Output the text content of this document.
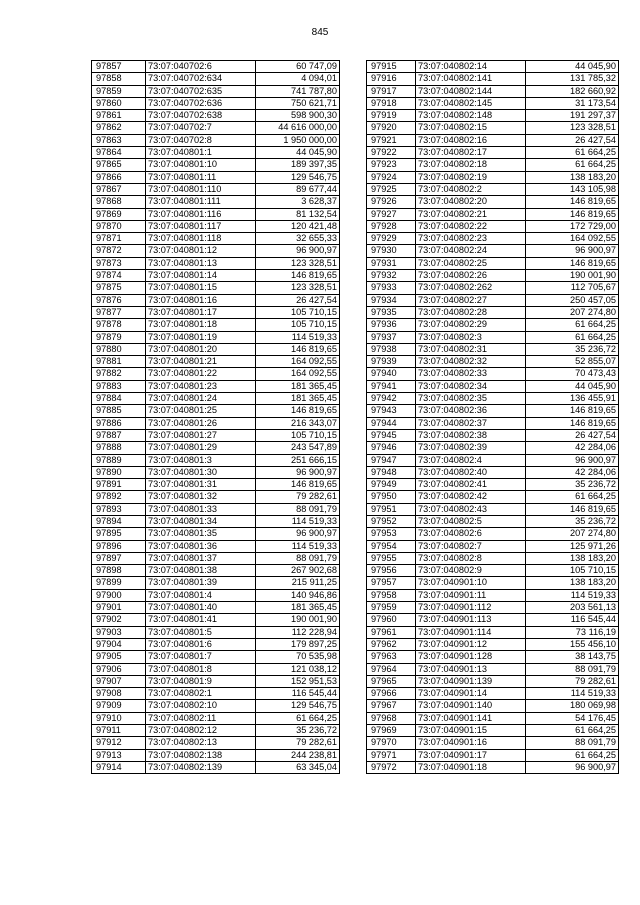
845
97857	73:07:040702:6	60 747,09
97858	73:07:040702:634	4 094,01
97859	73:07:040702:635	741 787,80
97860	73:07:040702:636	750 621,71
97861	73:07:040702:638	598 900,30
97862	73:07:040702:7	44 616 000,00
97863	73:07:040702:8	1 950 000,00
97864	73:07:040801:1	44 045,90
97865	73:07:040801:10	189 397,35
97866	73:07:040801:11	129 546,75
97867	73:07:040801:110	89 677,44
97868	73:07:040801:111	3 628,37
97869	73:07:040801:116	81 132,54
97870	73:07:040801:117	120 421,48
97871	73:07:040801:118	32 655,33
97872	73:07:040801:12	96 900,97
97873	73:07:040801:13	123 328,51
97874	73:07:040801:14	146 819,65
97875	73:07:040801:15	123 328,51
97876	73:07:040801:16	26 427,54
97877	73:07:040801:17	105 710,15
97878	73:07:040801:18	105 710,15
97879	73:07:040801:19	114 519,33
97880	73:07:040801:20	146 819,65
97881	73:07:040801:21	164 092,55
97882	73:07:040801:22	164 092,55
97883	73:07:040801:23	181 365,45
97884	73:07:040801:24	181 365,45
97885	73:07:040801:25	146 819,65
97886	73:07:040801:26	216 343,07
97887	73:07:040801:27	105 710,15
97888	73:07:040801:29	243 547,89
97889	73:07:040801:3	251 666,15
97890	73:07:040801:30	96 900,97
97891	73:07:040801:31	146 819,65
97892	73:07:040801:32	79 282,61
97893	73:07:040801:33	88 091,79
97894	73:07:040801:34	114 519,33
97895	73:07:040801:35	96 900,97
97896	73:07:040801:36	114 519,33
97897	73:07:040801:37	88 091,79
97898	73:07:040801:38	267 902,68
97899	73:07:040801:39	215 911,25
97900	73:07:040801:4	140 946,86
97901	73:07:040801:40	181 365,45
97902	73:07:040801:41	190 001,90
97903	73:07:040801:5	112 228,94
97904	73:07:040801:6	179 897,25
97905	73:07:040801:7	70 535,98
97906	73:07:040801:8	121 038,12
97907	73:07:040801:9	152 951,53
97908	73:07:040802:1	116 545,44
97909	73:07:040802:10	129 546,75
97910	73:07:040802:11	61 664,25
97911	73:07:040802:12	35 236,72
97912	73:07:040802:13	79 282,61
97913	73:07:040802:138	244 238,81
97914	73:07:040802:139	63 345,04
97915	73:07:040802:14	44 045,90
97916	73:07:040802:141	131 785,32
97917	73:07:040802:144	182 660,92
97918	73:07:040802:145	31 173,54
97919	73:07:040802:148	191 297,37
97920	73:07:040802:15	123 328,51
97921	73:07:040802:16	26 427,54
97922	73:07:040802:17	61 664,25
97923	73:07:040802:18	61 664,25
97924	73:07:040802:19	138 183,20
97925	73:07:040802:2	143 105,98
97926	73:07:040802:20	146 819,65
97927	73:07:040802:21	146 819,65
97928	73:07:040802:22	172 729,00
97929	73:07:040802:23	164 092,55
97930	73:07:040802:24	96 900,97
97931	73:07:040802:25	146 819,65
97932	73:07:040802:26	190 001,90
97933	73:07:040802:262	112 705,67
97934	73:07:040802:27	250 457,05
97935	73:07:040802:28	207 274,80
97936	73:07:040802:29	61 664,25
97937	73:07:040802:3	61 664,25
97938	73:07:040802:31	35 236,72
97939	73:07:040802:32	52 855,07
97940	73:07:040802:33	70 473,43
97941	73:07:040802:34	44 045,90
97942	73:07:040802:35	136 455,91
97943	73:07:040802:36	146 819,65
97944	73:07:040802:37	146 819,65
97945	73:07:040802:38	26 427,54
97946	73:07:040802:39	42 284,06
97947	73:07:040802:4	96 900,97
97948	73:07:040802:40	42 284,06
97949	73:07:040802:41	35 236,72
97950	73:07:040802:42	61 664,25
97951	73:07:040802:43	146 819,65
97952	73:07:040802:5	35 236,72
97953	73:07:040802:6	207 274,80
97954	73:07:040802:7	125 971,26
97955	73:07:040802:8	138 183,20
97956	73:07:040802:9	105 710,15
97957	73:07:040901:10	138 183,20
97958	73:07:040901:11	114 519,33
97959	73:07:040901:112	203 561,13
97960	73:07:040901:113	116 545,44
97961	73:07:040901:114	73 116,19
97962	73:07:040901:12	155 456,10
97963	73:07:040901:128	38 143,75
97964	73:07:040901:13	88 091,79
97965	73:07:040901:139	79 282,61
97966	73:07:040901:14	114 519,33
97967	73:07:040901:140	180 069,98
97968	73:07:040901:141	54 176,45
97969	73:07:040901:15	61 664,25
97970	73:07:040901:16	88 091,79
97971	73:07:040901:17	61 664,25
97972	73:07:040901:18	96 900,97
